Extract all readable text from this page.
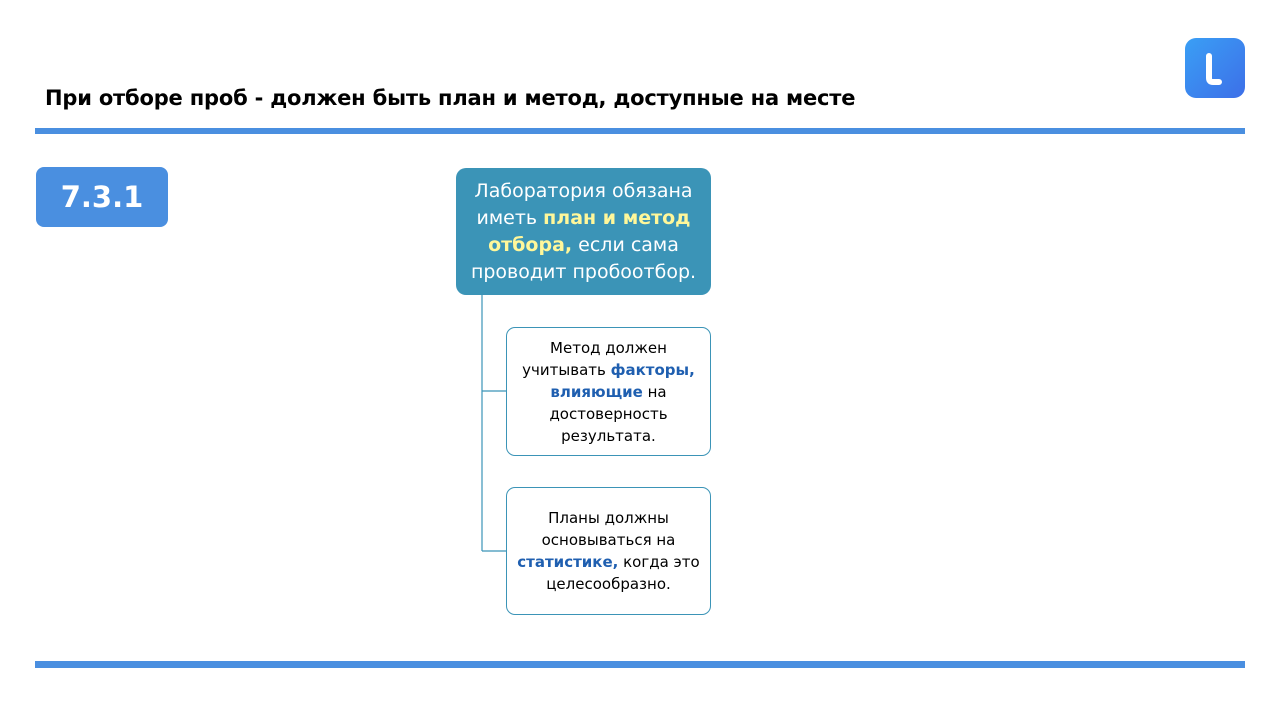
При отборе проб - должен быть план и метод, доступные на месте
7.3.1	Лаборатория обязана иметь план и метод отбора, если сама проводит пробоотбор.
Метод должен учитывать факторы, влияющие на достоверность результата.
Планы должны основываться на статистике, когда это целесообразно.
